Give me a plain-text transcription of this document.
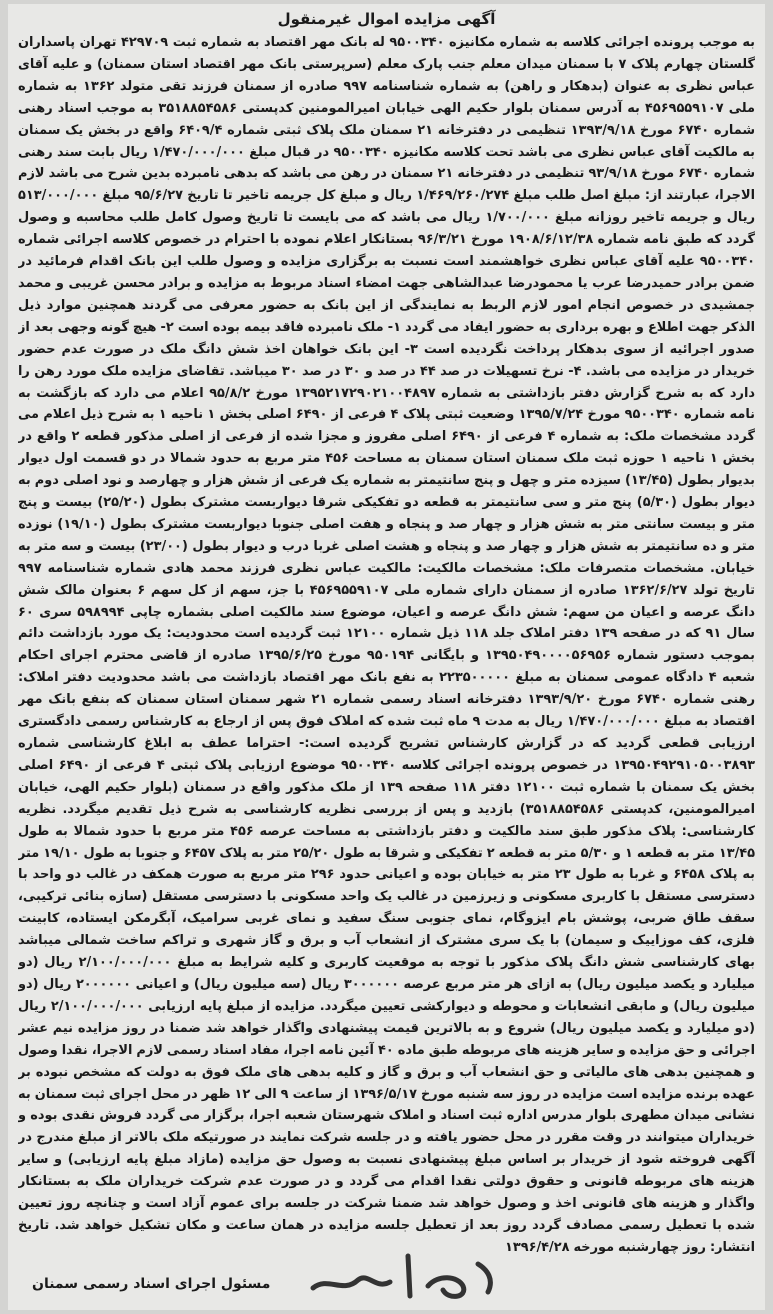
آگهی مزایده اموال غیرمنقول
به موجب پرونده اجرائی کلاسه به شماره مکانیزه ۹۵۰۰۳۴۰ له بانک مهر اقتصاد به شماره ثبت ۴۲۹۷۰۹ تهران پاسداران گلستان چهارم پلاک ۷ با سمنان میدان معلم جنب پارک معلم (سرپرستی بانک مهر اقتصاد استان سمنان) و علیه آقای عباس نظری به عنوان (بدهکار و راهن) به شماره شناسنامه ۹۹۷ صادره از سمنان فرزند تقی متولد ۱۳۶۲ به شماره ملی ۴۵۶۹۵۵۹۱۰۷ به آدرس سمنان بلوار حکیم الهی خیابان امیرالمومنین کدپستی ۳۵۱۸۸۵۴۵۸۶ به موجب اسناد رهنی شماره ۶۷۴۰ مورخ ۱۳۹۳/۹/۱۸ تنظیمی در دفترخانه ۲۱ سمنان ملک پلاک ثبتی شماره ۶۴۰۹/۴ واقع در بخش یک سمنان به مالکیت آقای عباس نظری می باشد تحت کلاسه مکانیزه ۹۵۰۰۳۴۰ در قبال مبلغ ۱/۴۷۰/۰۰۰/۰۰۰ ریال بابت سند رهنی شماره ۶۷۴۰ مورخ ۹۳/۹/۱۸ تنظیمی در دفترخانه ۲۱ سمنان در رهن می باشد که بدهی نامبرده بدین شرح می باشد لازم الاجرا، عبارتند از: مبلغ اصل طلب مبلغ ۱/۴۶۹/۲۶۰/۲۷۴ ریال و مبلغ کل جریمه تاخیر تا تاریخ ۹۵/۶/۲۷ مبلغ ۵۱۳/۰۰۰/۰۰۰ ریال و جریمه تاخیر روزانه مبلغ ۱/۷۰۰/۰۰۰ ریال می باشد که می بایست تا تاریخ وصول کامل طلب محاسبه و وصول گردد که طبق نامه شماره ۱۹۰۸/۶/۱۲/۳۸ مورخ ۹۶/۳/۲۱ بستانکار اعلام نموده با احترام در خصوص کلاسه اجرائی شماره ۹۵۰۰۳۴۰ علیه آقای عباس نظری خواهشمند است نسبت به برگزاری مزایده و وصول طلب این بانک اقدام فرمائید در ضمن برادر حمیدرضا عرب یا محمودرضا عبدالشاهی جهت امضاء اسناد مربوط به مزایده و برادر محسن غریبی و محمد جمشیدی در خصوص انجام امور لازم الربط به نمایندگی از این بانک به حضور معرفی می گردند همچنین موارد ذیل الذکر جهت اطلاع و بهره برداری به حضور ایفاد می گردد ۱- ملک نامبرده فاقد بیمه بوده است ۲- هیچ گونه وجهی بعد از صدور اجرائیه از سوی بدهکار پرداخت نگردیده است ۳- این بانک خواهان اخذ شش دانگ ملک در صورت عدم حضور خریدار در مزایده می باشد. ۴- نرخ تسهیلات در صد ۴۴ در صد و ۳۰ در صد ۳۰ میباشد. تقاضای مزایده ملک مورد رهن را دارد که به شرح گزارش دفتر بازداشتی به شماره ۱۳۹۵۲۱۷۲۹۰۲۱۰۰۴۸۹۷ مورخ ۹۵/۸/۲ اعلام می دارد که بازگشت به نامه شماره ۹۵۰۰۳۴۰ مورخ ۱۳۹۵/۷/۲۴ وضعیت ثبتی پلاک ۴ فرعی از ۶۴۹۰ اصلی بخش ۱ ناحیه ۱ به شرح ذیل اعلام می گردد مشخصات ملک: به شماره ۴ فرعی از ۶۴۹۰ اصلی مفروز و مجزا شده از فرعی از اصلی مذکور قطعه ۲ واقع در بخش ۱ ناحیه ۱ حوزه ثبت ملک سمنان استان سمنان به مساحت ۴۵۶ متر مربع به حدود شمالا در دو قسمت اول دیوار بدیوار بطول (۱۳/۴۵) سیزده متر و چهل و پنج سانتیمتر به شماره یک فرعی از شش هزار و چهارصد و نود اصلی دوم به دیوار بطول (۵/۳۰) پنج متر و سی سانتیمتر به قطعه دو تفکیکی شرقا دیواربست مشترک بطول (۲۵/۲۰) بیست و پنج متر و بیست سانتی متر به شش هزار و چهار صد و پنجاه و هفت اصلی جنوبا دیواربست مشترک بطول (۱۹/۱۰) نوزده متر و ده سانتیمتر به شش هزار و چهار صد و پنجاه و هشت اصلی غربا درب و دیوار بطول (۲۳/۰۰) بیست و سه متر به خیابان. مشخصات متصرفات ملک: مشخصات مالکیت: مالکیت عباس نظری فرزند محمد هادی شماره شناسنامه ۹۹۷ تاریخ تولد ۱۳۶۲/۶/۲۷ صادره از سمنان دارای شماره ملی ۴۵۶۹۵۵۹۱۰۷ با جز، سهم از کل سهم ۶ بعنوان مالک شش دانگ عرصه و اعیان من سهم: شش دانگ عرصه و اعیان، موضوع سند مالکیت اصلی بشماره چاپی ۵۹۸۹۹۴ سری ۶۰ سال ۹۱ که در صفحه ۱۳۹ دفتر املاک جلد ۱۱۸ ذیل شماره ۱۲۱۰۰ ثبت گردیده است محدودیت: یک مورد بازداشت دائم بموجب دستور شماره ۱۳۹۵۰۴۹۰۰۰۰۵۶۹۵۶ و بایگانی ۹۵۰۱۹۴ مورخ ۱۳۹۵/۶/۲۵ صادره از قاضی محترم اجرای احکام شعبه ۴ دادگاه عمومی سمنان به مبلغ ۲۲۳۵۰۰۰۰۰ به نفع بانک مهر اقتصاد بازداشت می باشد محدودیت دفتر املاک: رهنی شماره ۶۷۴۰ مورخ ۱۳۹۳/۹/۲۰ دفترخانه اسناد رسمی شماره ۲۱ شهر سمنان استان سمنان که بنفع بانک مهر اقتصاد به مبلغ ۱/۴۷۰/۰۰۰/۰۰۰ ریال به مدت ۹ ماه ثبت شده که املاک فوق پس از ارجاع به کارشناس رسمی دادگستری ارزیابی قطعی گردید که در گزارش کارشناس تشریح گردیده است:- احتراما عطف به ابلاغ کارشناسی شماره ۱۳۹۵۰۴۹۲۹۱۰۵۰۰۳۸۹۳ در خصوص پرونده اجرائی کلاسه ۹۵۰۰۳۴۰ موضوع ارزیابی پلاک ثبتی ۴ فرعی از ۶۴۹۰ اصلی بخش یک سمنان با شماره ثبت ۱۲۱۰۰ دفتر ۱۱۸ صفحه ۱۳۹ از ملک مذکور واقع در سمنان (بلوار حکیم الهی، خیابان امیرالمومنین، کدپستی ۳۵۱۸۸۵۴۵۸۶) بازدید و پس از بررسی نظریه کارشناسی به شرح ذیل تقدیم میگردد. نظریه کارشناسی: پلاک مذکور طبق سند مالکیت و دفتر بازداشتی به مساحت عرصه ۴۵۶ متر مربع با حدود شمالا به طول ۱۳/۴۵ متر به قطعه ۱ و ۵/۳۰ متر به قطعه ۲ تفکیکی و شرقا به طول ۲۵/۲۰ متر به پلاک ۶۴۵۷ و جنوبا به طول ۱۹/۱۰ متر به پلاک ۶۴۵۸ و غربا به طول ۲۳ متر به خیابان بوده و اعیانی حدود ۲۹۶ متر مربع به صورت همکف در غالب دو واحد با دسترسی مستقل با کاربری مسکونی و زیرزمین در غالب یک واحد مسکونی با دسترسی مستقل (سازه بنائی ترکیبی، سقف طاق ضربی، پوشش بام ایزوگام، نمای جنوبی سنگ سفید و نمای غربی سرامیک، آبگرمکن ایستاده، کابینت فلزی، کف موزاییک و سیمان) با یک سری مشترک از انشعاب آب و برق و گاز شهری و تراکم ساخت شمالی میباشد بهای کارشناسی شش دانگ پلاک مذکور با توجه به موقعیت کاربری و کلیه شرایط به مبلغ ۲/۱۰۰/۰۰۰/۰۰۰ ریال (دو میلیارد و یکصد میلیون ریال) به ازای هر متر مربع عرصه ۳۰۰۰۰۰۰ ریال (سه میلیون ریال) و اعیانی ۲۰۰۰۰۰۰ ریال (دو میلیون ریال) و مابقی انشعابات و محوطه و دیوارکشی تعیین میگردد. مزایده از مبلغ پایه ارزیابی ۲/۱۰۰/۰۰۰/۰۰۰ ریال (دو میلیارد و یکصد میلیون ریال) شروع و به بالاترین قیمت پیشنهادی واگذار خواهد شد ضمنا در روز مزایده نیم عشر اجرائی و حق مزایده و سایر هزینه های مربوطه طبق ماده ۴۰ آئین نامه اجرا، مفاد اسناد رسمی لازم الاجرا، نقدا وصول و همچنین بدهی های مالیاتی و حق انشعاب آب و برق و گاز و کلیه بدهی های ملک فوق به دولت که مشخص نبوده بر عهده برنده مزایده است مزایده در روز سه شنبه مورخ ۱۳۹۶/۵/۱۷ از ساعت ۹ الی ۱۲ ظهر در محل اجرای ثبت سمنان به نشانی میدان مطهری بلوار مدرس اداره ثبت اسناد و املاک شهرستان شعبه اجرا، برگزار می گردد فروش نقدی بوده و خریداران میتوانند در وقت مقرر در محل حضور یافته و در جلسه شرکت نمایند در صورتیکه ملک بالاتر از مبلغ مندرج در آگهی فروخته شود از خریدار بر اساس مبلغ پیشنهادی نسبت به وصول حق مزایده (مازاد مبلغ پایه ارزیابی) و سایر هزینه های مربوطه قانونی و حقوق دولتی نقدا اقدام می گردد و در صورت عدم شرکت خریداران ملک به بستانکار واگذار و هزینه های قانونی اخذ و وصول خواهد شد ضمنا شرکت در جلسه برای عموم آزاد است و چنانچه روز تعیین شده با تعطیل رسمی مصادف گردد روز بعد از تعطیل جلسه مزایده در همان ساعت و مکان تشکیل خواهد شد. تاریخ انتشار: روز چهارشنبه مورخه ۱۳۹۶/۴/۲۸
مسئول اجرای اسناد رسمی سمنان
